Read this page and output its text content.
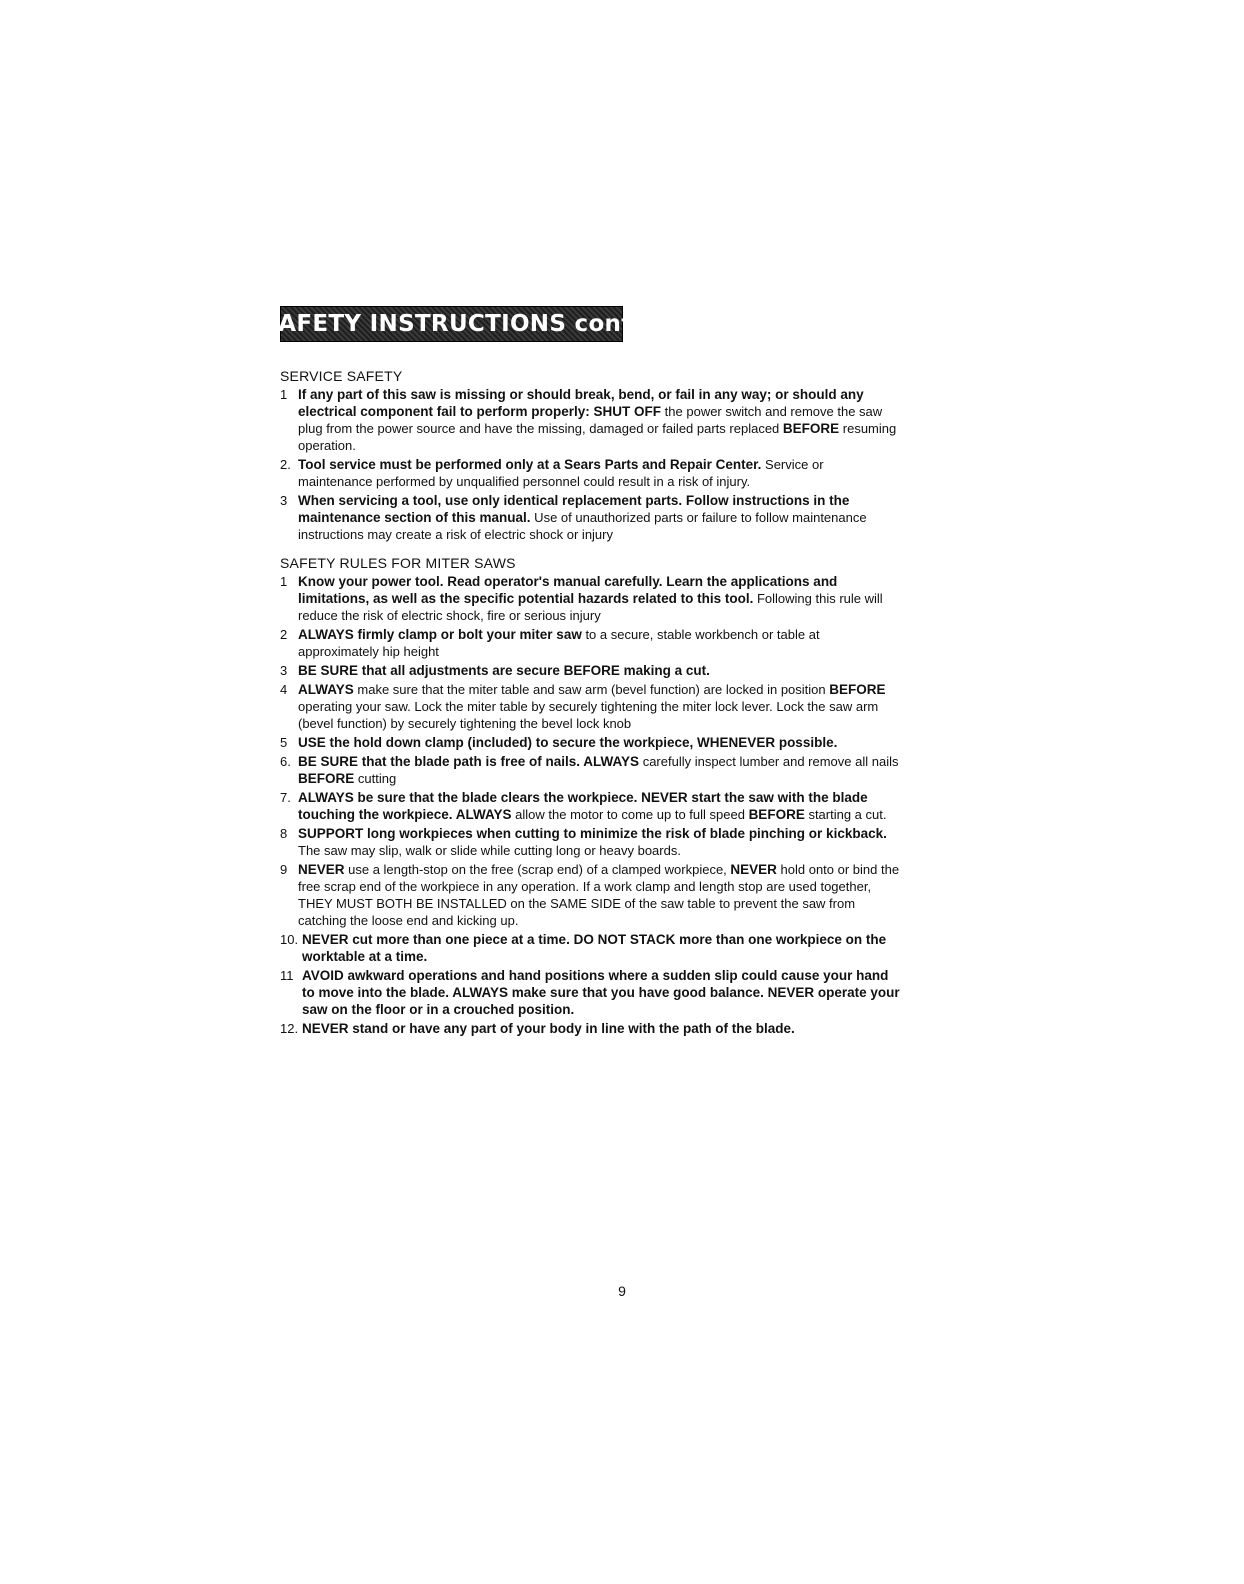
SAFETY INSTRUCTIONS cont.
SERVICE SAFETY
1 If any part of this saw is missing or should break, bend, or fail in any way; or should any electrical component fail to perform properly: SHUT OFF the power switch and remove the saw plug from the power source and have the missing, damaged or failed parts replaced BEFORE resuming operation.
2. Tool service must be performed only at a Sears Parts and Repair Center. Service or maintenance performed by unqualified personnel could result in a risk of injury.
3 When servicing a tool, use only identical replacement parts. Follow instructions in the maintenance section of this manual. Use of unauthorized parts or failure to follow maintenance instructions may create a risk of electric shock or injury
SAFETY RULES FOR MITER SAWS
1 Know your power tool. Read operator's manual carefully. Learn the applications and limitations, as well as the specific potential hazards related to this tool. Following this rule will reduce the risk of electric shock, fire or serious injury
2 ALWAYS firmly clamp or bolt your miter saw to a secure, stable workbench or table at approximately hip height
3 BE SURE that all adjustments are secure BEFORE making a cut.
4 ALWAYS make sure that the miter table and saw arm (bevel function) are locked in position BEFORE operating your saw. Lock the miter table by securely tightening the miter lock lever. Lock the saw arm (bevel function) by securely tightening the bevel lock knob
5 USE the hold down clamp (included) to secure the workpiece, WHENEVER possible.
6. BE SURE that the blade path is free of nails. ALWAYS carefully inspect lumber and remove all nails BEFORE cutting
7. ALWAYS be sure that the blade clears the workpiece. NEVER start the saw with the blade touching the workpiece. ALWAYS allow the motor to come up to full speed BEFORE starting a cut.
8 SUPPORT long workpieces when cutting to minimize the risk of blade pinching or kickback. The saw may slip, walk or slide while cutting long or heavy boards.
9 NEVER use a length-stop on the free (scrap end) of a clamped workpiece, NEVER hold onto or bind the free scrap end of the workpiece in any operation. If a work clamp and length stop are used together, THEY MUST BOTH BE INSTALLED on the SAME SIDE of the saw table to prevent the saw from catching the loose end and kicking up.
10. NEVER cut more than one piece at a time. DO NOT STACK more than one workpiece on the worktable at a time.
11 AVOID awkward operations and hand positions where a sudden slip could cause your hand to move into the blade. ALWAYS make sure that you have good balance. NEVER operate your saw on the floor or in a crouched position.
12. NEVER stand or have any part of your body in line with the path of the blade.
9
